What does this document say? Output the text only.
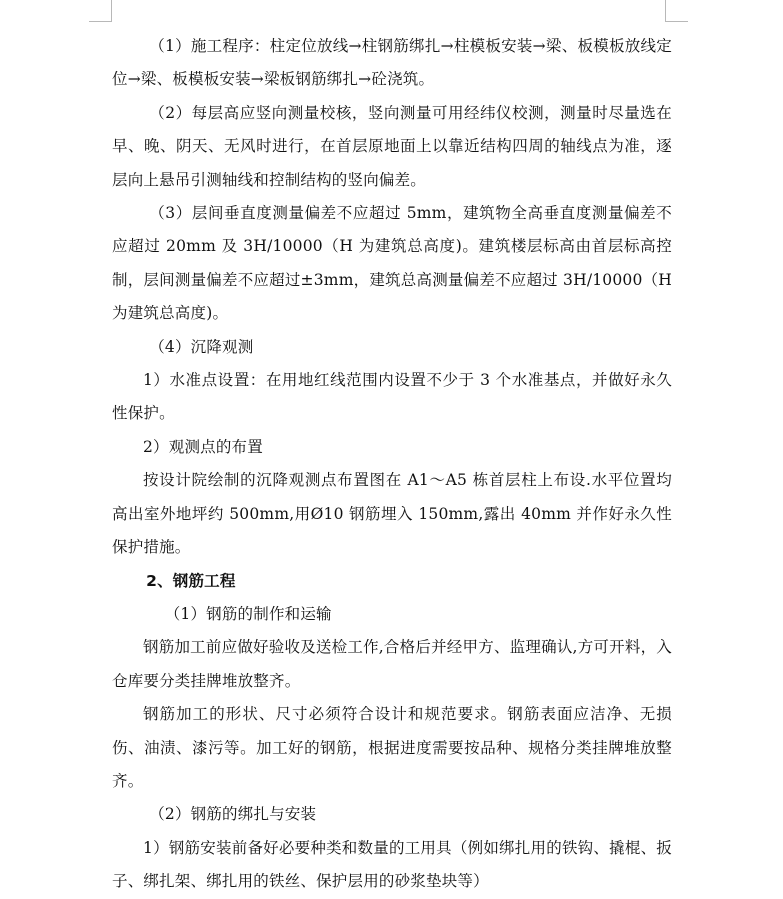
（1）施工程序：柱定位放线→柱钢筋绑扎→柱模板安装→梁、板模板放线定位→梁、板模板安装→梁板钢筋绑扎→砼浇筑。

（2）每层高应竖向测量校核，竖向测量可用经纬仪校测，测量时尽量选在早、晚、阴天、无风时进行，在首层原地面上以靠近结构四周的轴线点为准，逐层向上悬吊引测轴线和控制结构的竖向偏差。

（3）层间垂直度测量偏差不应超过 5mm，建筑物全高垂直度测量偏差不应超过 20mm 及 3H/10000（H 为建筑总高度)。建筑楼层标高由首层标高控制，层间测量偏差不应超过±3mm，建筑总高测量偏差不应超过 3H/10000（H 为建筑总高度)。

（4）沉降观测

1）水准点设置：在用地红线范围内设置不少于 3 个水准基点，并做好永久性保护。

2）观测点的布置

按设计院绘制的沉降观测点布置图在 A1～A5 栋首层柱上布设.水平位置均高出室外地坪约 500mm,用Ø10 钢筋埋入 150mm,露出 40mm 并作好永久性保护措施。

2、钢筋工程

（1）钢筋的制作和运输

钢筋加工前应做好验收及送检工作,合格后并经甲方、监理确认,方可开料，入仓库要分类挂牌堆放整齐。

钢筋加工的形状、尺寸必须符合设计和规范要求。钢筋表面应洁净、无损伤、油渍、漆污等。加工好的钢筋，根据进度需要按品种、规格分类挂牌堆放整齐。

（2）钢筋的绑扎与安装

1）钢筋安装前备好必要种类和数量的工用具（例如绑扎用的铁钩、撬棍、扳子、绑扎架、绑扎用的铁丝、保护层用的砂浆垫块等）
